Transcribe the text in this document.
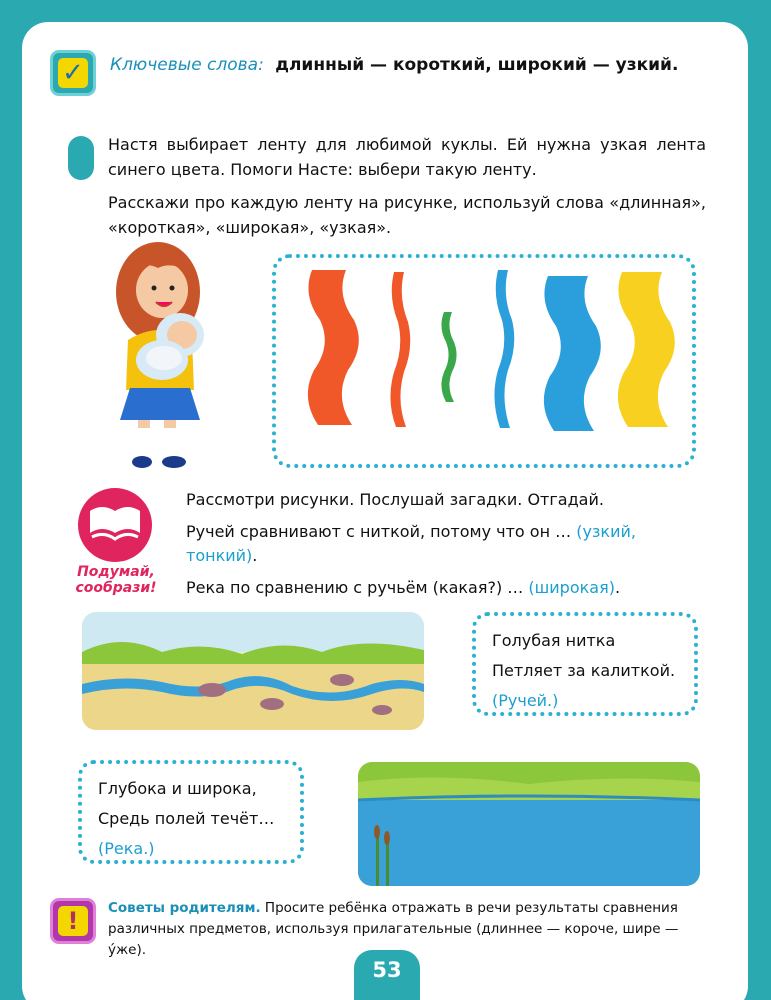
✓ Ключевые слова: длинный — короткий, широкий — узкий.

Настя выбирает ленту для любимой куклы. Ей нужна узкая лента синего цвета. Помоги Насте: выбери такую ленту.

Расскажи про каждую ленту на рисунке, используй слова «длинная», «короткая», «широкая», «узкая».

Подумай,
сообрази!

Рассмотри рисунки. Послушай загадки. Отгадай.

Ручей сравнивают с ниткой, потому что он … (узкий, тонкий).

Река по сравнению с ручьём (какая?) … (широкая).

Голубая нитка

Петляет за калиткой.

(Ручей.)

Глубока и широка,

Средь полей течёт…

(Река.)

!	Советы родителям. Просите ребёнка отражать в речи результаты сравнения различных предметов, используя прилагательные (длиннее — короче, шире — у́же).
53
